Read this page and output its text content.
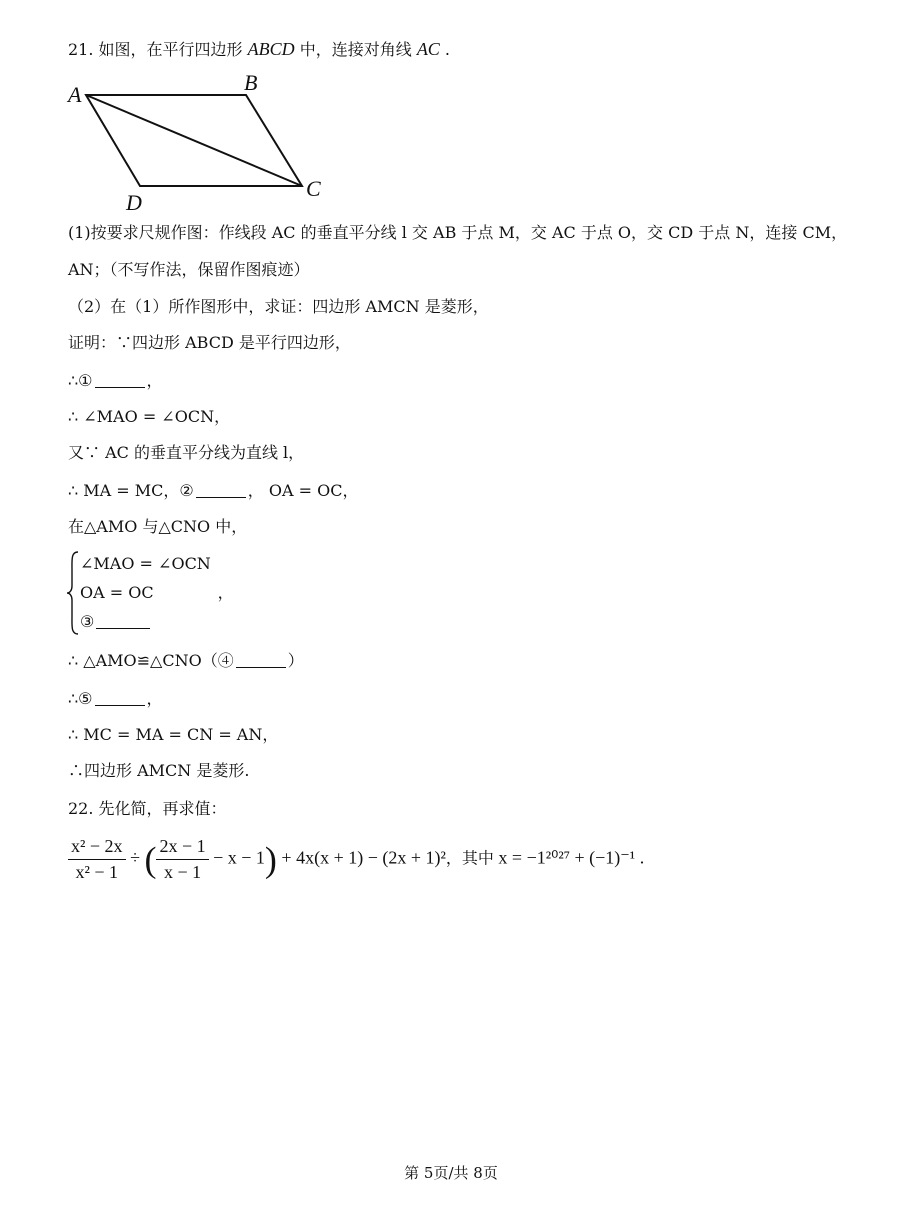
21. 如图，在平行四边形 ABCD 中，连接对角线 AC .
A	B
C
D
(1)按要求尺规作图：作线段 AC 的垂直平分线 l 交 AB 于点 M，交 AC 于点 O，交 CD 于点 N，连接 CM，
AN；（不写作法，保留作图痕迹）
（2）在（1）所作图形中，求证：四边形 AMCN 是菱形，
证明：∵四边形 ABCD 是平行四边形，
∴①	，
∴ ∠MAO = ∠OCN，
又∵ AC 的垂直平分线为直线 l，
∴ MA = MC，②	， OA = OC，
在△AMO 与△CNO 中，
∠MAO = ∠OCN
OA = OC	，
③
∴ △AMO≌△CNO（④	）
∴⑤	，
∴ MC = MA = CN = AN，
∴四边形 AMCN 是菱形.
22. 先化简，再求值：
$\frac{\text{x² − 2x}}{\text{x² − 1}}$ ÷ ( $\frac{2x - 1}{x - 1} - x - 1) + 4x(x + 1) - (2x + 1)^2$，其中 x = −1²⁰²⁷ + (−1)⁻¹ .
第 5页/共 8页
